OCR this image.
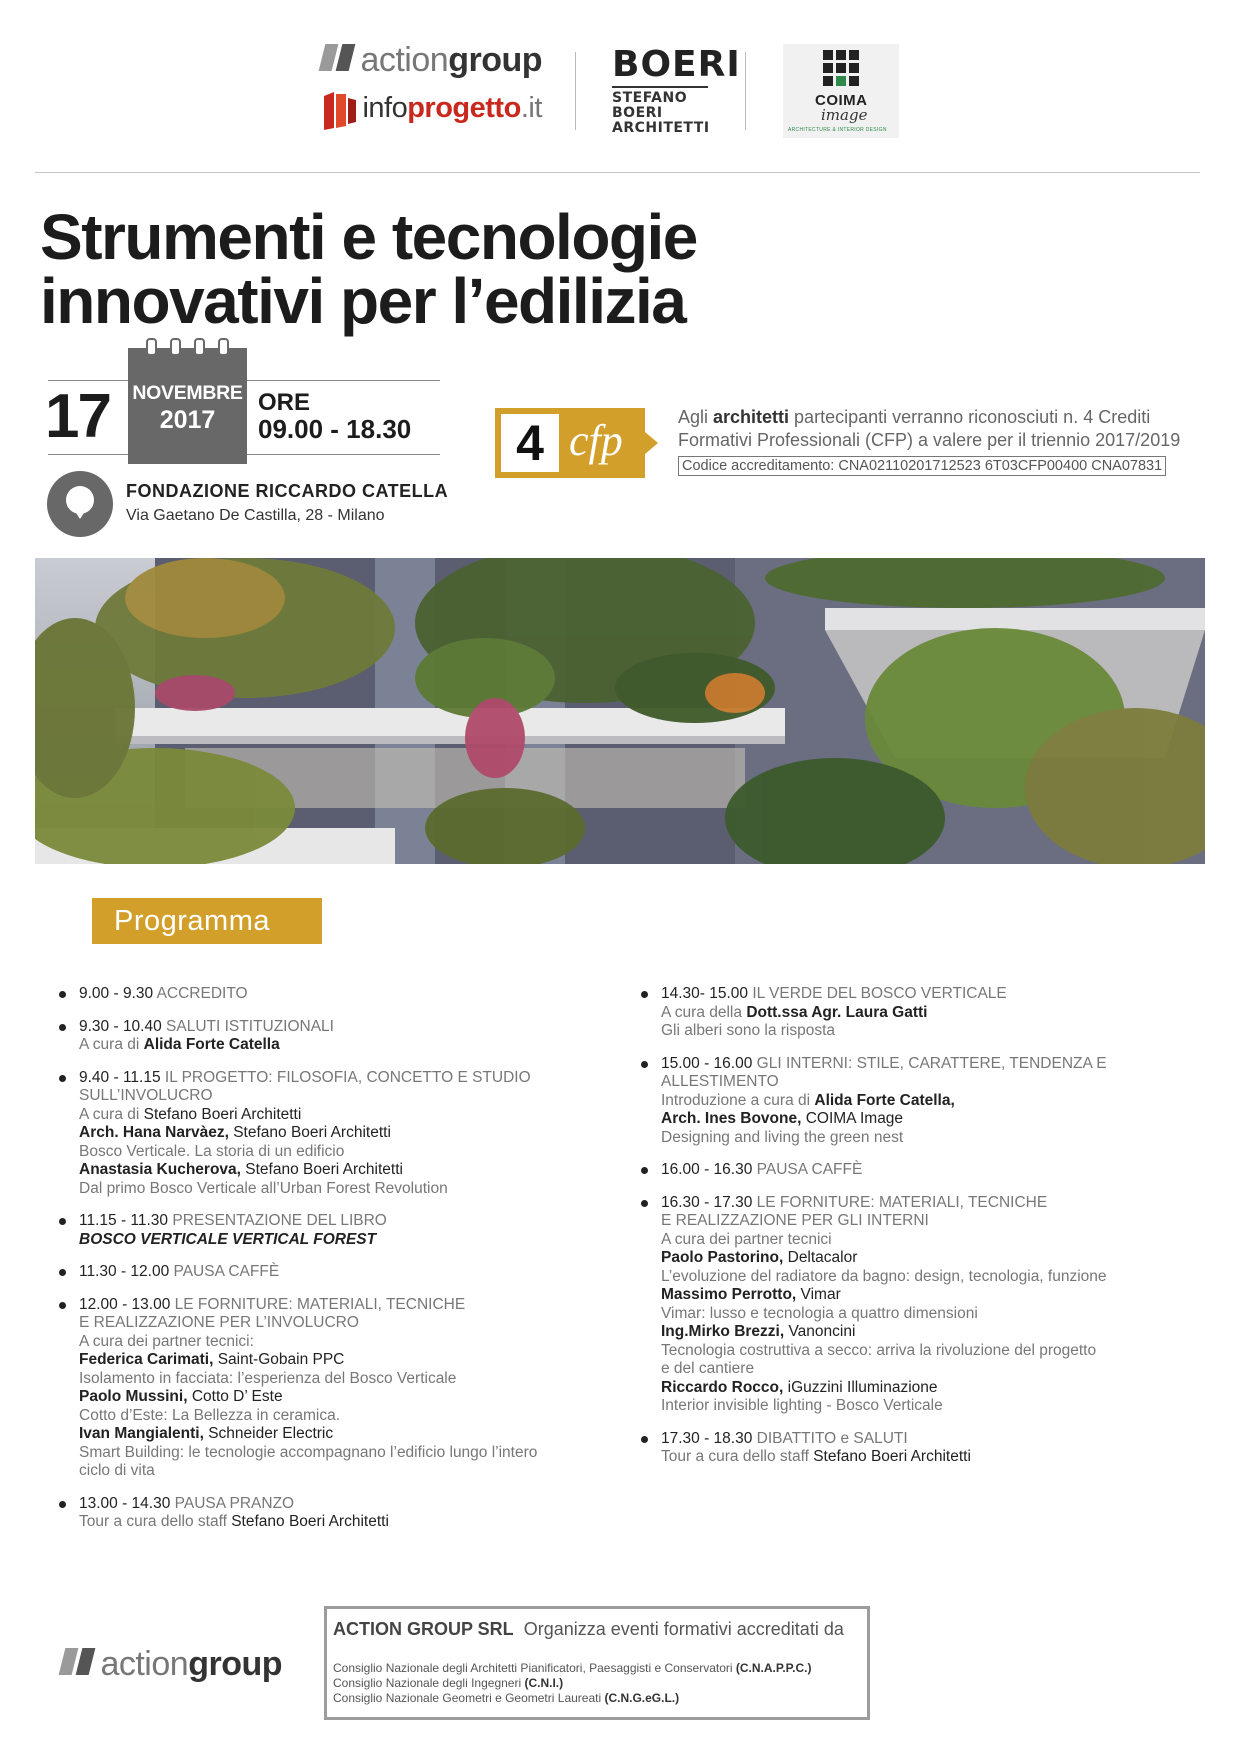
actiongroup
infoprogetto.it
BOERI
STEFANO
BOERI
ARCHITETTI
COIMA
image
ARCHITECTURE & INTERIOR DESIGN
Strumenti e tecnologie
innovativi per l’edilizia
17 NOVEMBRE
2017
ORE
09.00 - 18.30
FONDAZIONE RICCARDO CATELLA
Via Gaetano De Castilla, 28 - Milano
4 cfp	Agli architetti partecipanti verranno riconosciuti n. 4 Crediti
Formativi Professionali (CFP) a valere per il triennio 2017/2019
Codice accreditamento: CNA02110201712523 6T03CFP00400 CNA07831
Programma
9.00 - 9.30 ACCREDITO
9.30 - 10.40 SALUTI ISTITUZIONALI
A cura di Alida Forte Catella
9.40 - 11.15 IL PROGETTO: FILOSOFIA, CONCETTO E STUDIO
SULL’INVOLUCRO
A cura di Stefano Boeri Architetti
Arch. Hana Narvàez, Stefano Boeri Architetti
Bosco Verticale. La storia di un edificio
Anastasia Kucherova, Stefano Boeri Architetti
Dal primo Bosco Verticale all’Urban Forest Revolution
11.15 - 11.30 PRESENTAZIONE DEL LIBRO
BOSCO VERTICALE VERTICAL FOREST
11.30 - 12.00 PAUSA CAFFÈ
12.00 - 13.00 LE FORNITURE: MATERIALI, TECNICHE
E REALIZZAZIONE PER L’INVOLUCRO
A cura dei partner tecnici:
Federica Carimati, Saint-Gobain PPC
Isolamento in facciata: l’esperienza del Bosco Verticale
Paolo Mussini, Cotto D’ Este
Cotto d’Este: La Bellezza in ceramica.
Ivan Mangialenti, Schneider Electric
Smart Building: le tecnologie accompagnano l’edificio lungo l’intero
ciclo di vita
13.00 - 14.30 PAUSA PRANZO
Tour a cura dello staff Stefano Boeri Architetti
14.30- 15.00 IL VERDE DEL BOSCO VERTICALE
A cura della Dott.ssa Agr. Laura Gatti
Gli alberi sono la risposta
15.00 - 16.00 GLI INTERNI: STILE, CARATTERE, TENDENZA E
ALLESTIMENTO
Introduzione a cura di Alida Forte Catella,
Arch. Ines Bovone, COIMA Image
Designing and living the green nest
16.00 - 16.30 PAUSA CAFFÈ
16.30 - 17.30 LE FORNITURE: MATERIALI, TECNICHE
E REALIZZAZIONE PER GLI INTERNI
A cura dei partner tecnici
Paolo Pastorino, Deltacalor
L’evoluzione del radiatore da bagno: design, tecnologia, funzione
Massimo Perrotto, Vimar
Vimar: lusso e tecnologia a quattro dimensioni
Ing.Mirko Brezzi, Vanoncini
Tecnologia costruttiva a secco: arriva la rivoluzione del progetto
e del cantiere
Riccardo Rocco, iGuzzini Illuminazione
Interior invisible lighting - Bosco Verticale
17.30 - 18.30 DIBATTITO e SALUTI
Tour a cura dello staff Stefano Boeri Architetti
actiongroup
ACTION GROUP SRL Organizza eventi formativi accreditati da
Consiglio Nazionale degli Architetti Pianificatori, Paesaggisti e Conservatori (C.N.A.P.P.C.)
Consiglio Nazionale degli Ingegneri (C.N.I.)
Consiglio Nazionale Geometri e Geometri Laureati (C.N.G.eG.L.)
